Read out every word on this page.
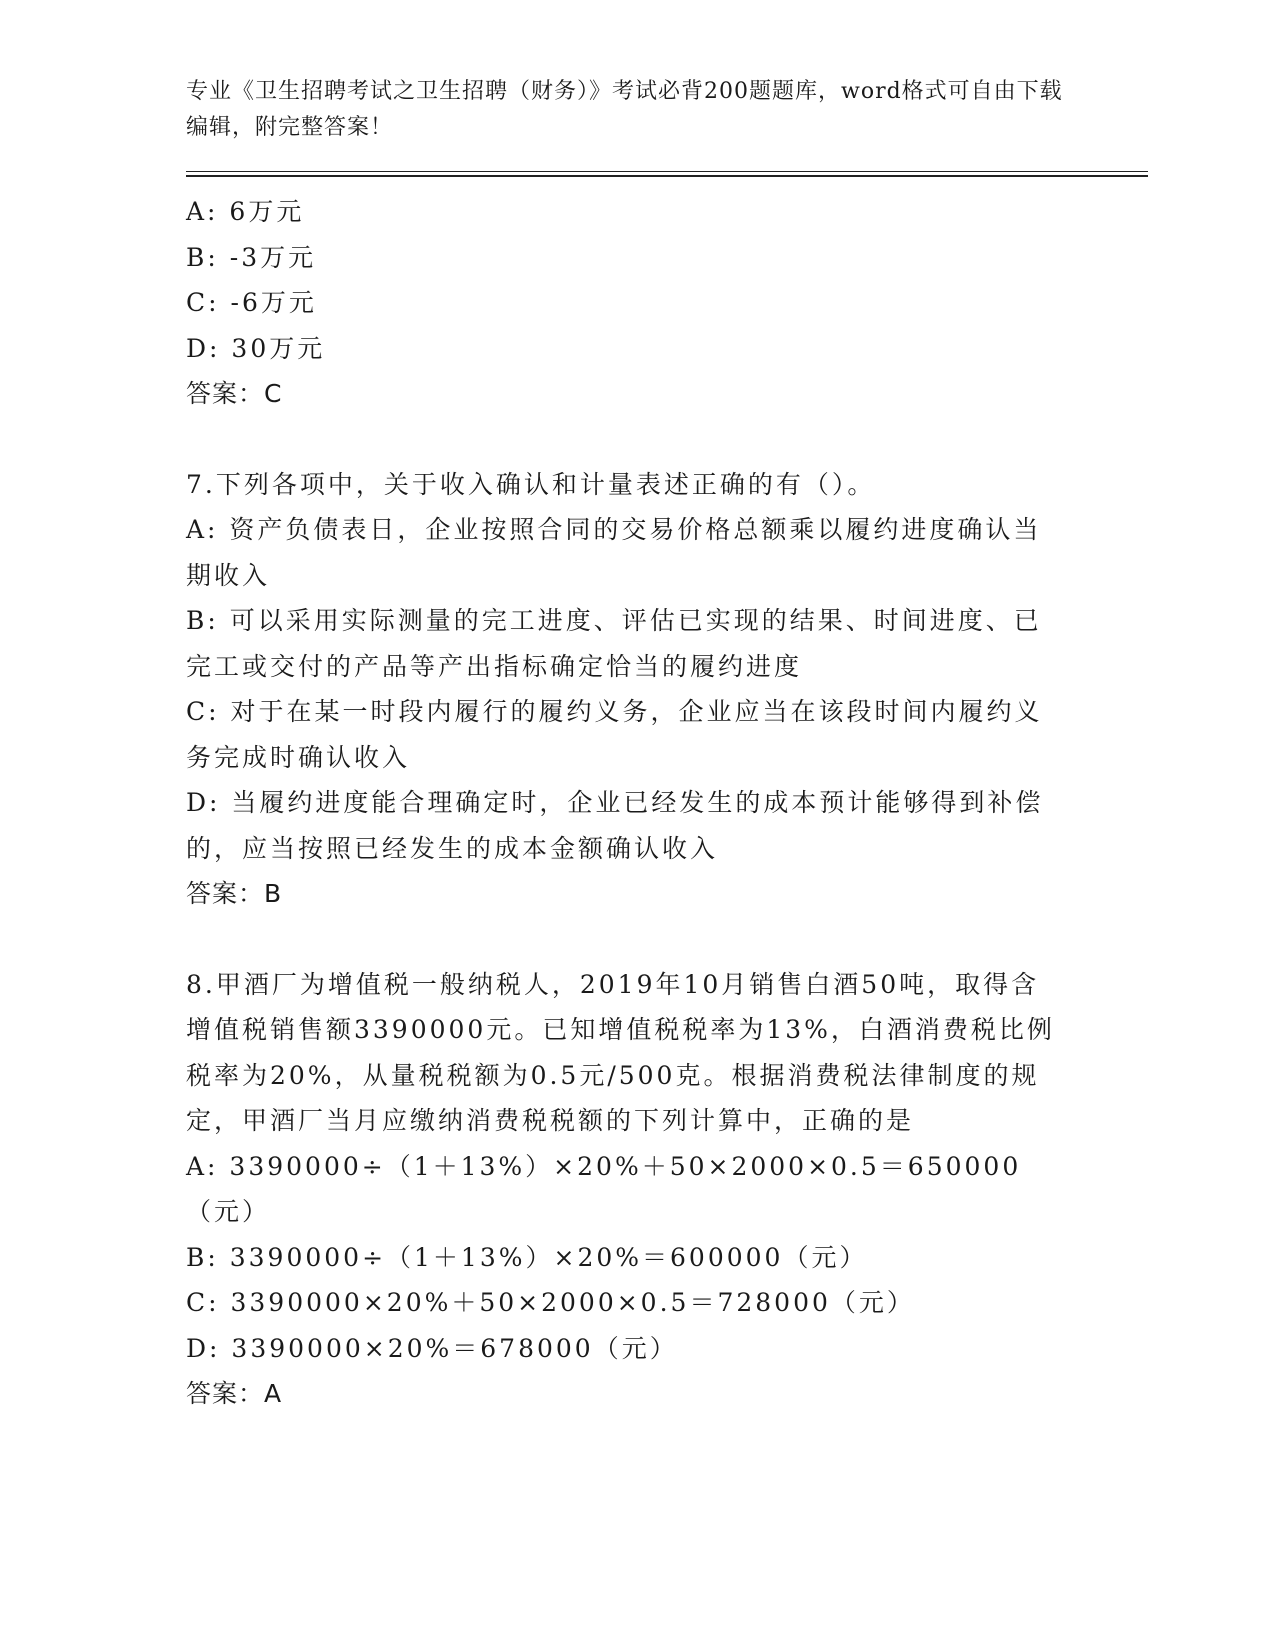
专业《卫生招聘考试之卫生招聘（财务）》考试必背200题题库，word格式可自由下载编辑，附完整答案！
A: 6万元
B: -3万元
C: -6万元
D: 30万元
答案：C
7.下列各项中，关于收入确认和计量表述正确的有（）。
A: 资产负债表日，企业按照合同的交易价格总额乘以履约进度确认当
期收入
B: 可以采用实际测量的完工进度、评估已实现的结果、时间进度、已
完工或交付的产品等产出指标确定恰当的履约进度
C: 对于在某一时段内履行的履约义务，企业应当在该段时间内履约义
务完成时确认收入
D: 当履约进度能合理确定时，企业已经发生的成本预计能够得到补偿
的，应当按照已经发生的成本金额确认收入
答案：B
8.甲酒厂为增值税一般纳税人，2019年10月销售白酒50吨，取得含
增值税销售额3390000元。已知增值税税率为13%，白酒消费税比例
税率为20%，从量税税额为0.5元/500克。根据消费税法律制度的规
定，甲酒厂当月应缴纳消费税税额的下列计算中，正确的是
A: 3390000÷（1＋13%）×20%＋50×2000×0.5＝650000（元）
B: 3390000÷（1＋13%）×20%＝600000（元）
C: 3390000×20%＋50×2000×0.5＝728000（元）
D: 3390000×20%＝678000（元）
答案：A
